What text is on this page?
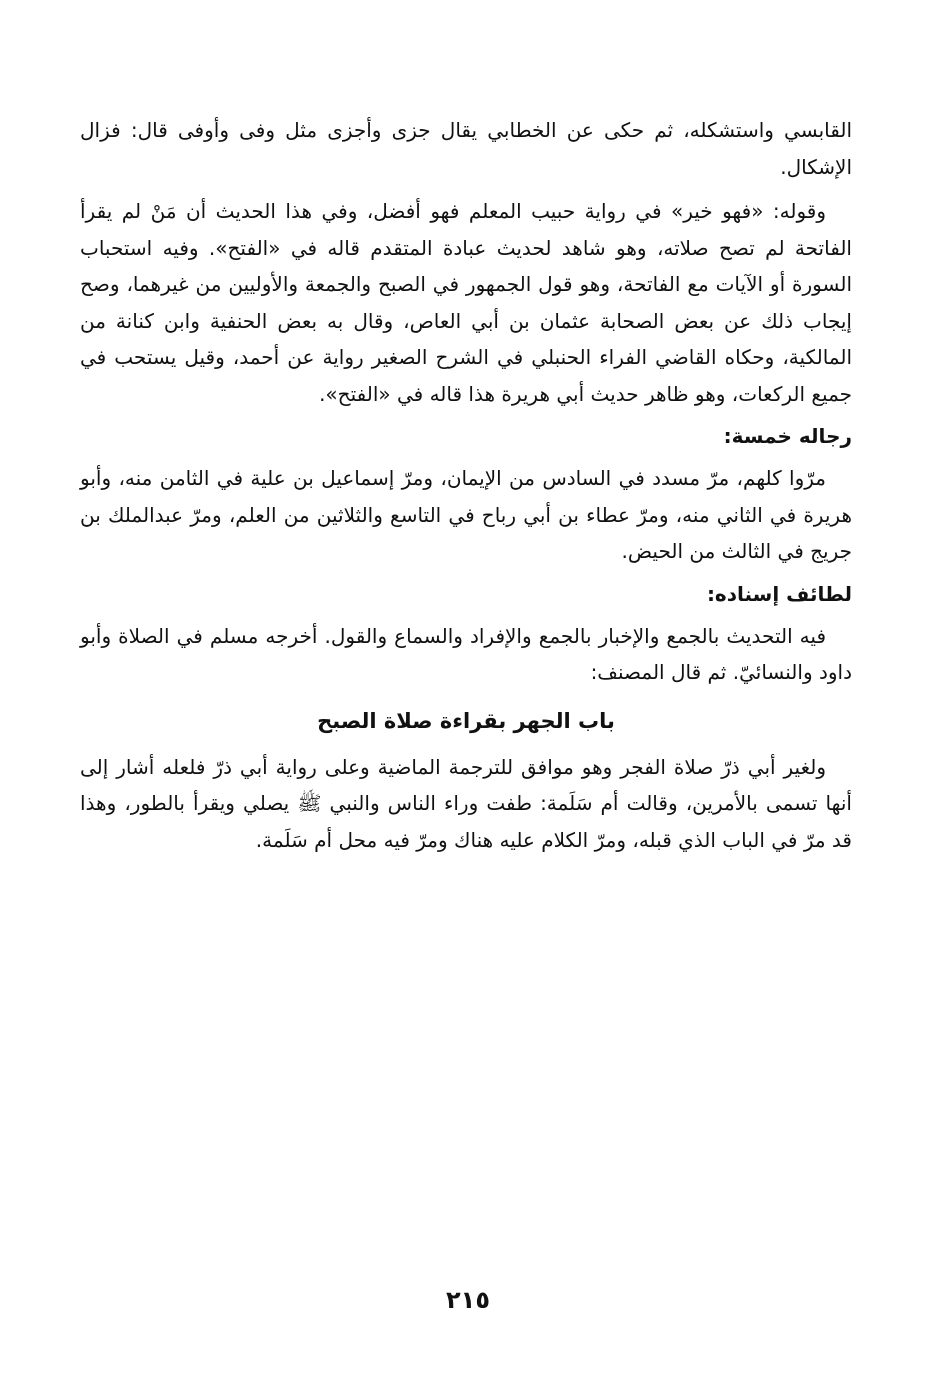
القابسي واستشكله، ثم حكى عن الخطابي يقال جزى وأجزى مثل وفى وأوفى قال: فزال الإشكال.

وقوله: «فهو خير» في رواية حبيب المعلم فهو أفضل، وفي هذا الحديث أن مَنْ لم يقرأ الفاتحة لم تصح صلاته، وهو شاهد لحديث عبادة المتقدم قاله في «الفتح». وفيه استحباب السورة أو الآيات مع الفاتحة، وهو قول الجمهور في الصبح والجمعة والأوليين من غيرهما، وصح إيجاب ذلك عن بعض الصحابة عثمان بن أبي العاص، وقال به بعض الحنفية وابن كنانة من المالكية، وحكاه القاضي الفراء الحنبلي في الشرح الصغير رواية عن أحمد، وقيل يستحب في جميع الركعات، وهو ظاهر حديث أبي هريرة هذا قاله في «الفتح».

رجاله خمسة:

مرّوا كلهم، مرّ مسدد في السادس من الإيمان، ومرّ إسماعيل بن علية في الثامن منه، وأبو هريرة في الثاني منه، ومرّ عطاء بن أبي رباح في التاسع والثلاثين من العلم، ومرّ عبدالملك بن جريج في الثالث من الحيض.

لطائف إسناده:

فيه التحديث بالجمع والإخبار بالجمع والإفراد والسماع والقول. أخرجه مسلم في الصلاة وأبو داود والنسائيّ. ثم قال المصنف:

باب الجهر بقراءة صلاة الصبح

ولغير أبي ذرّ صلاة الفجر وهو موافق للترجمة الماضية وعلى رواية أبي ذرّ فلعله أشار إلى أنها تسمى بالأمرين، وقالت أم سَلَمة: طفت وراء الناس والنبي ﷺ يصلي ويقرأ بالطور، وهذا قد مرّ في الباب الذي قبله، ومرّ الكلام عليه هناك ومرّ فيه محل أم سَلَمة.

٢١٥
